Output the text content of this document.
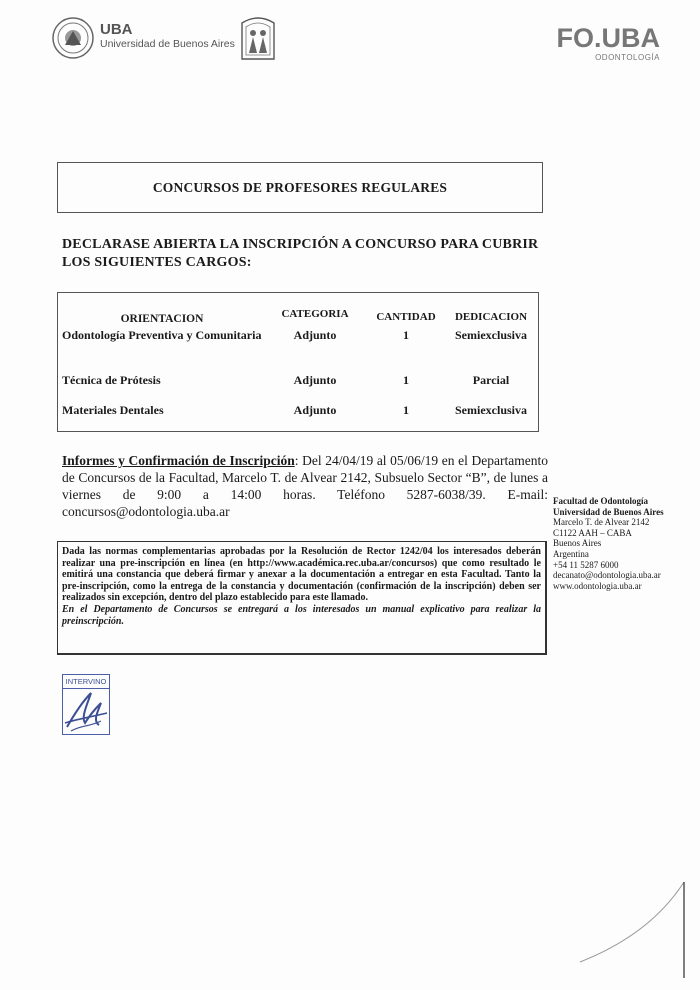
UBA
Universidad de Buenos Aires	FO.UBA
ODONTOLOGÍA
CONCURSOS DE PROFESORES REGULARES
DECLARASE ABIERTA LA INSCRIPCIÓN A CONCURSO PARA CUBRIR LOS SIGUIENTES CARGOS:
ORIENTACION	CATEGORIA	CANTIDAD	DEDICACION
Odontología Preventiva y Comunitaria	Adjunto	1	Semiexclusiva
Técnica de Prótesis	Adjunto	1	Parcial
Materiales Dentales	Adjunto	1	Semiexclusiva
Informes y Confirmación de Inscripción: Del 24/04/19 al 05/06/19 en el Departamento de Concursos de la Facultad, Marcelo T. de Alvear 2142, Subsuelo Sector “B”, de lunes a viernes de 9:00 a 14:00 horas. Teléfono 5287-6038/39. E-mail: concursos@odontologia.uba.ar
Facultad de Odontología
Universidad de Buenos Aires
Marcelo T. de Alvear 2142
C1122 AAH – CABA
Buenos Aires
Argentina
+54 11 5287 6000
decanato@odontologia.uba.ar
www.odontologia.uba.ar
Dada las normas complementarias aprobadas por la Resolución de Rector 1242/04 los interesados deberán realizar una pre-inscripción en línea (en http://www.académica.rec.uba.ar/concursos) que como resultado le emitirá una constancia que deberá firmar y anexar a la documentación a entregar en esta Facultad. Tanto la pre-inscripción, como la entrega de la constancia y documentación (confirmación de la inscripción) deben ser realizados sin excepción, dentro del plazo establecido para este llamado.
En el Departamento de Concursos se entregará a los interesados un manual explicativo para realizar la preinscripción.
INTERVINO
